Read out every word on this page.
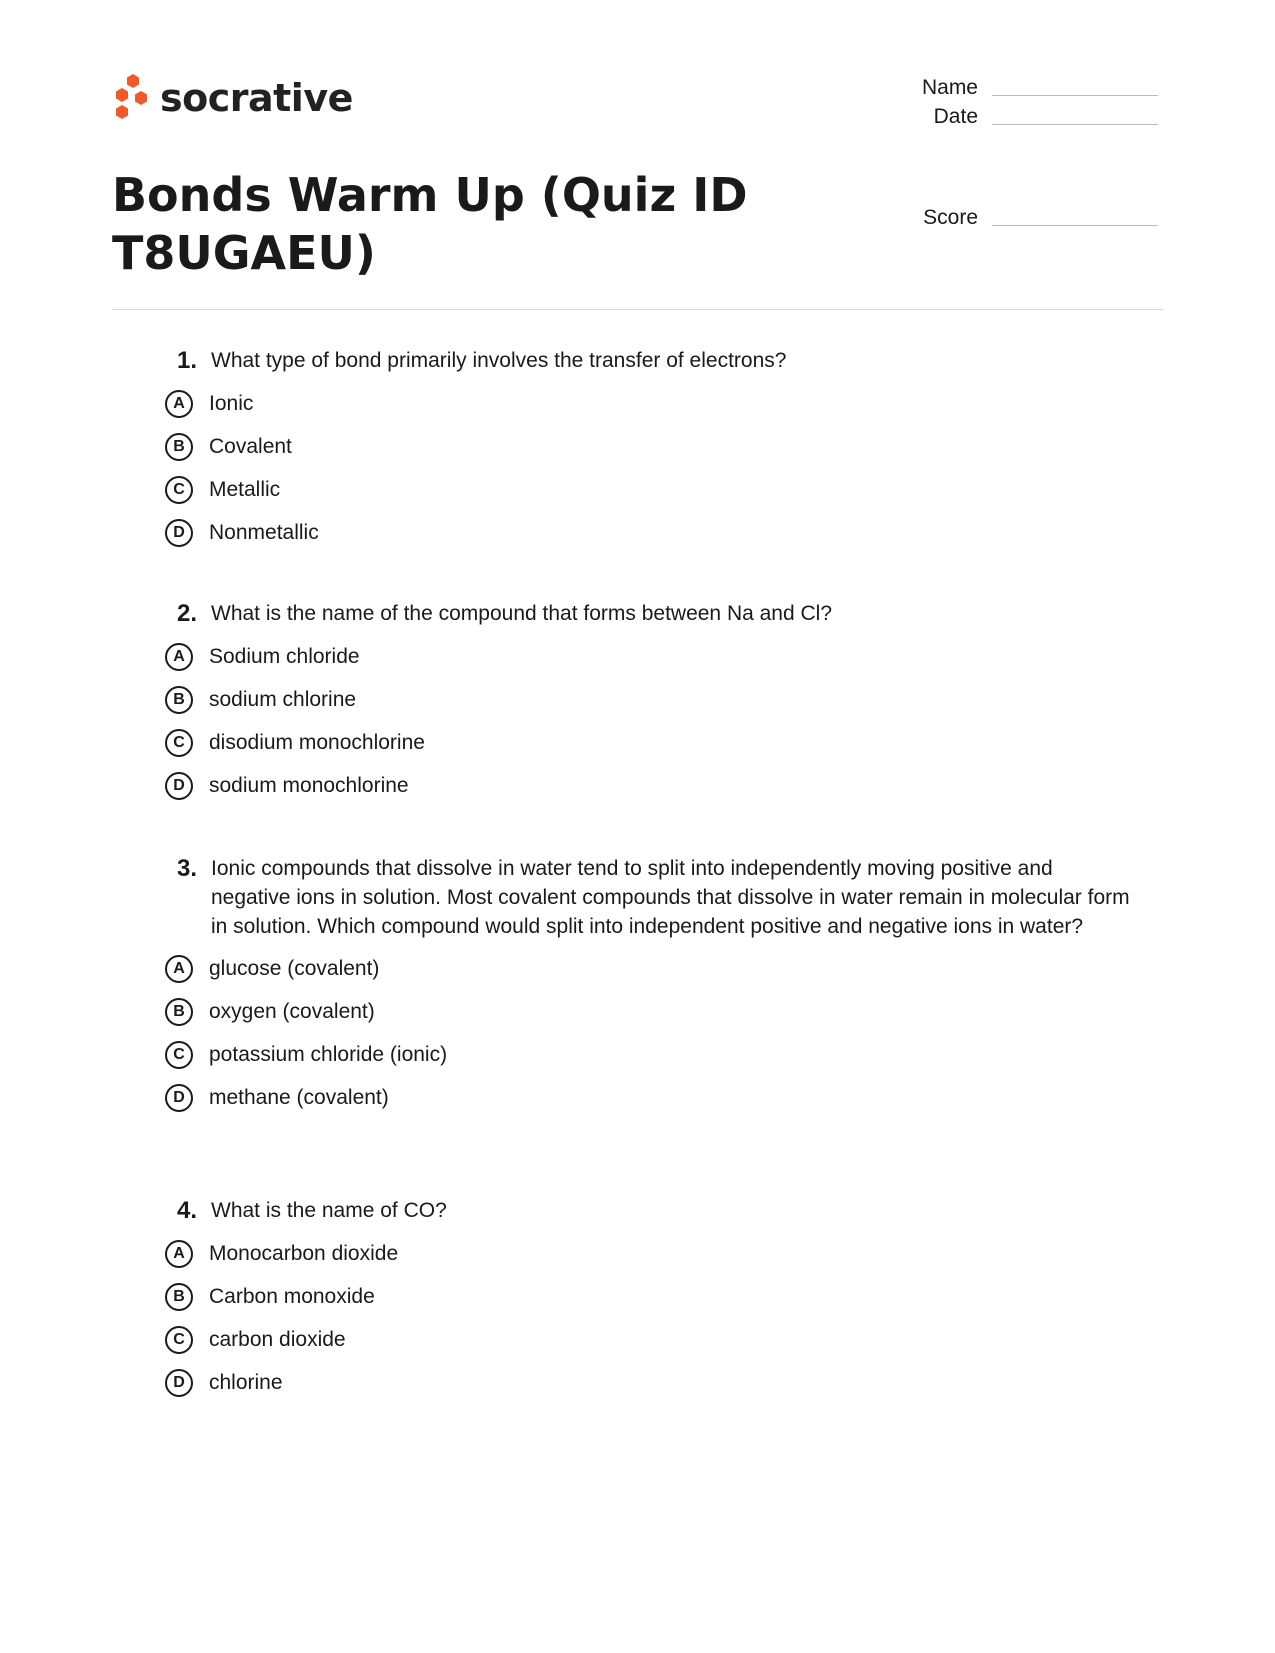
socrative	Name
Date
Score
Bonds Warm Up (Quiz ID T8UGAEU)
1. What type of bond primarily involves the transfer of electrons?
A	Ionic
B	Covalent
C	Metallic
D	Nonmetallic
2. What is the name of the compound that forms between Na and Cl?
A	Sodium chloride
B	sodium chlorine
C	disodium monochlorine
D	sodium monochlorine
3. Ionic compounds that dissolve in water tend to split into independently moving positive and negative ions in solution. Most covalent compounds that dissolve in water remain in molecular form in solution. Which compound would split into independent positive and negative ions in water?
A	glucose (covalent)
B	oxygen (covalent)
C	potassium chloride (ionic)
D	methane (covalent)
4. What is the name of CO?
A	Monocarbon dioxide
B	Carbon monoxide
C	carbon dioxide
D	chlorine
